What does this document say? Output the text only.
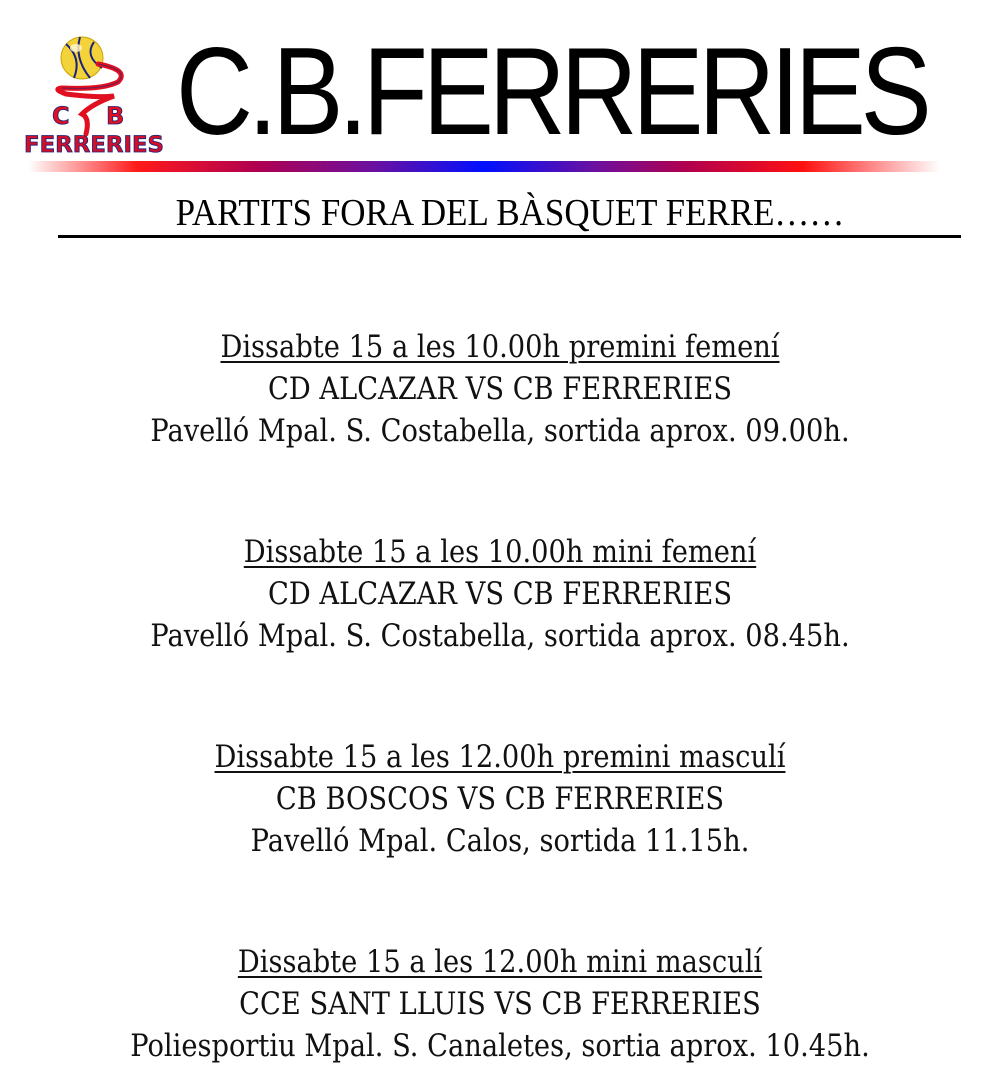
C B
FERRERIES C.B.FERRERIES
PARTITS FORA DEL BÀSQUET FERRE……
Dissabte 15 a les 10.00h premini femení
CD ALCAZAR VS CB FERRERIES
Pavelló Mpal. S. Costabella, sortida aprox. 09.00h.
Dissabte 15 a les 10.00h mini femení
CD ALCAZAR VS CB FERRERIES
Pavelló Mpal. S. Costabella, sortida aprox. 08.45h.
Dissabte 15 a les 12.00h premini masculí
CB BOSCOS VS CB FERRERIES
Pavelló Mpal. Calos, sortida 11.15h.
Dissabte 15 a les 12.00h mini masculí
CCE SANT LLUIS VS CB FERRERIES
Poliesportiu Mpal. S. Canaletes, sortia aprox. 10.45h.
